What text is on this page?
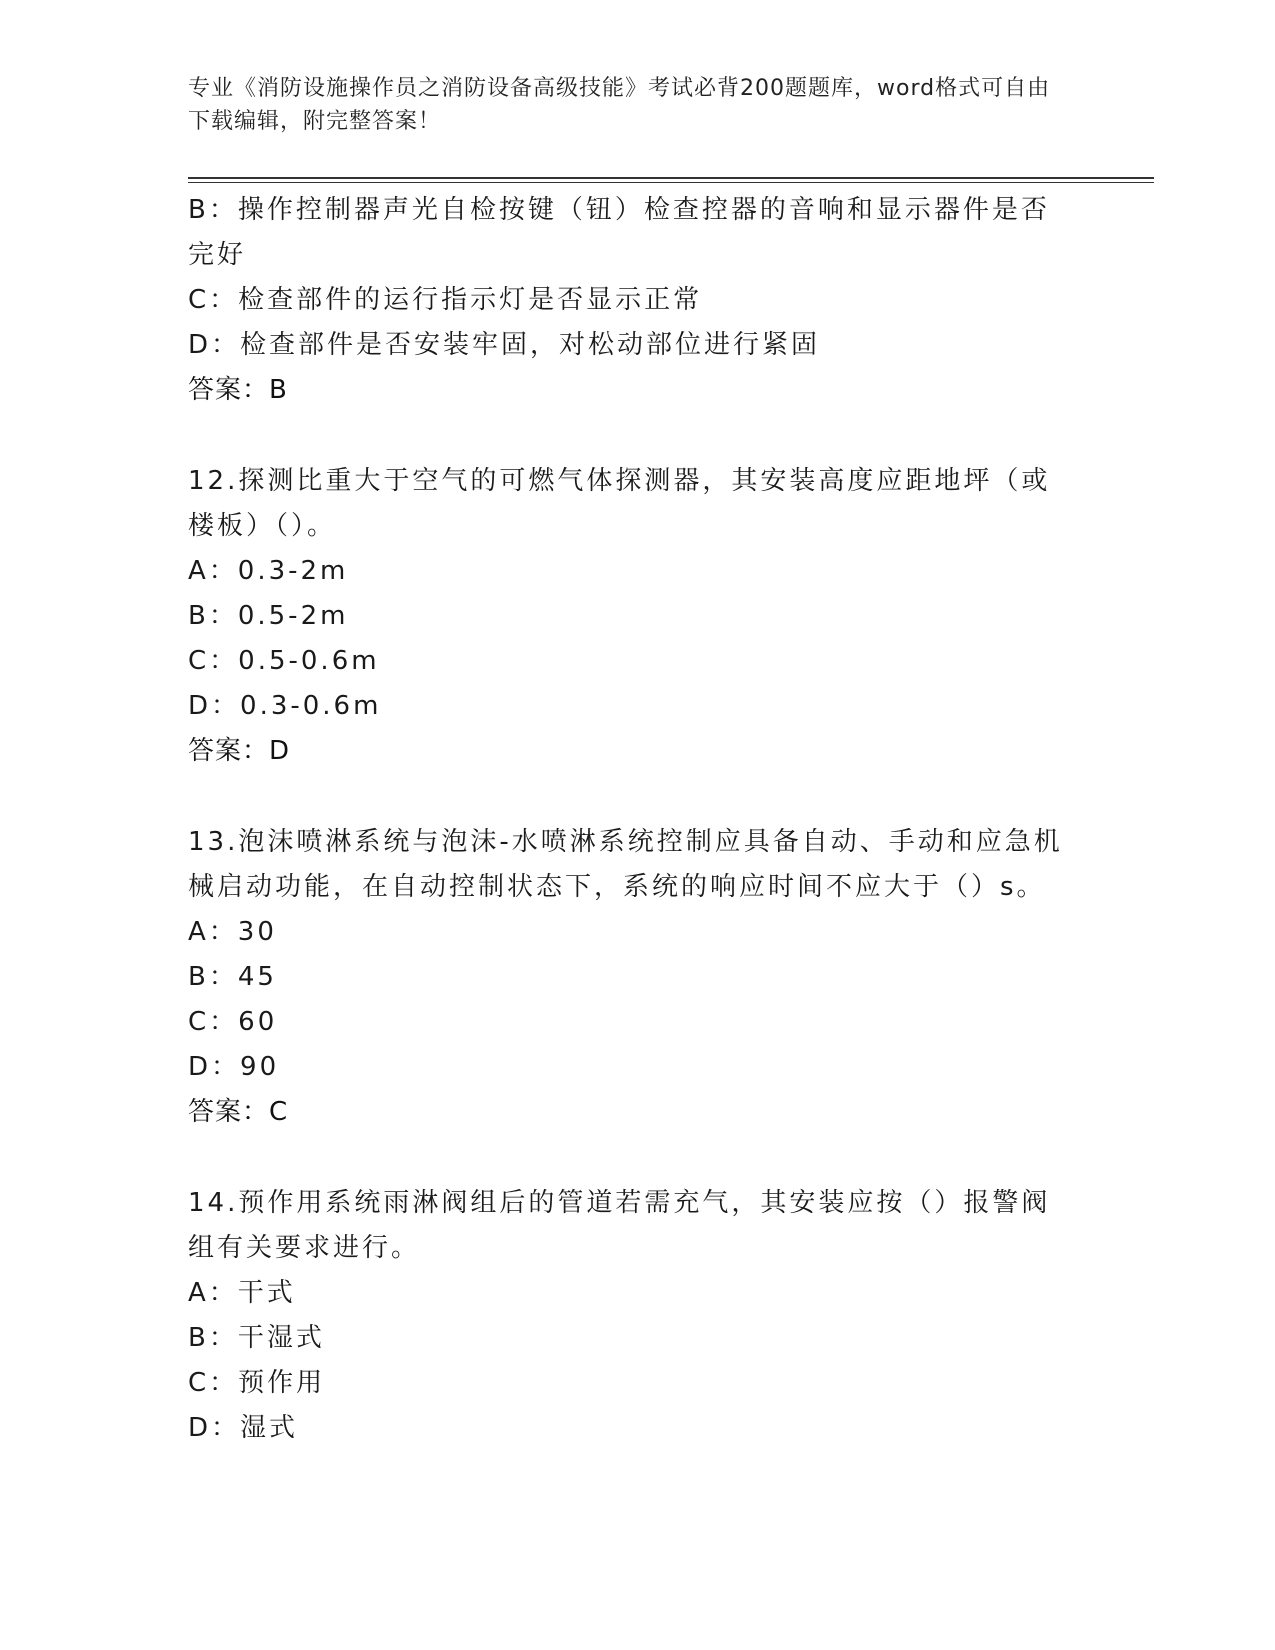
专业《消防设施操作员之消防设备高级技能》考试必背200题题库，word格式可自由下载编辑，附完整答案！
B：操作控制器声光自检按键（钮）检查控器的音响和显示器件是否完好
C：检查部件的运行指示灯是否显示正常
D：检查部件是否安装牢固，对松动部位进行紧固
答案：B
12.探测比重大于空气的可燃气体探测器，其安装高度应距地坪（或楼板）（）。
A：0.3-2m
B：0.5-2m
C：0.5-0.6m
D：0.3-0.6m
答案：D
13.泡沫喷淋系统与泡沫-水喷淋系统控制应具备自动、手动和应急机械启动功能，在自动控制状态下，系统的响应时间不应大于（）s。
A：30
B：45
C：60
D：90
答案：C
14.预作用系统雨淋阀组后的管道若需充气，其安装应按（）报警阀组有关要求进行。
A：干式
B：干湿式
C：预作用
D：湿式
